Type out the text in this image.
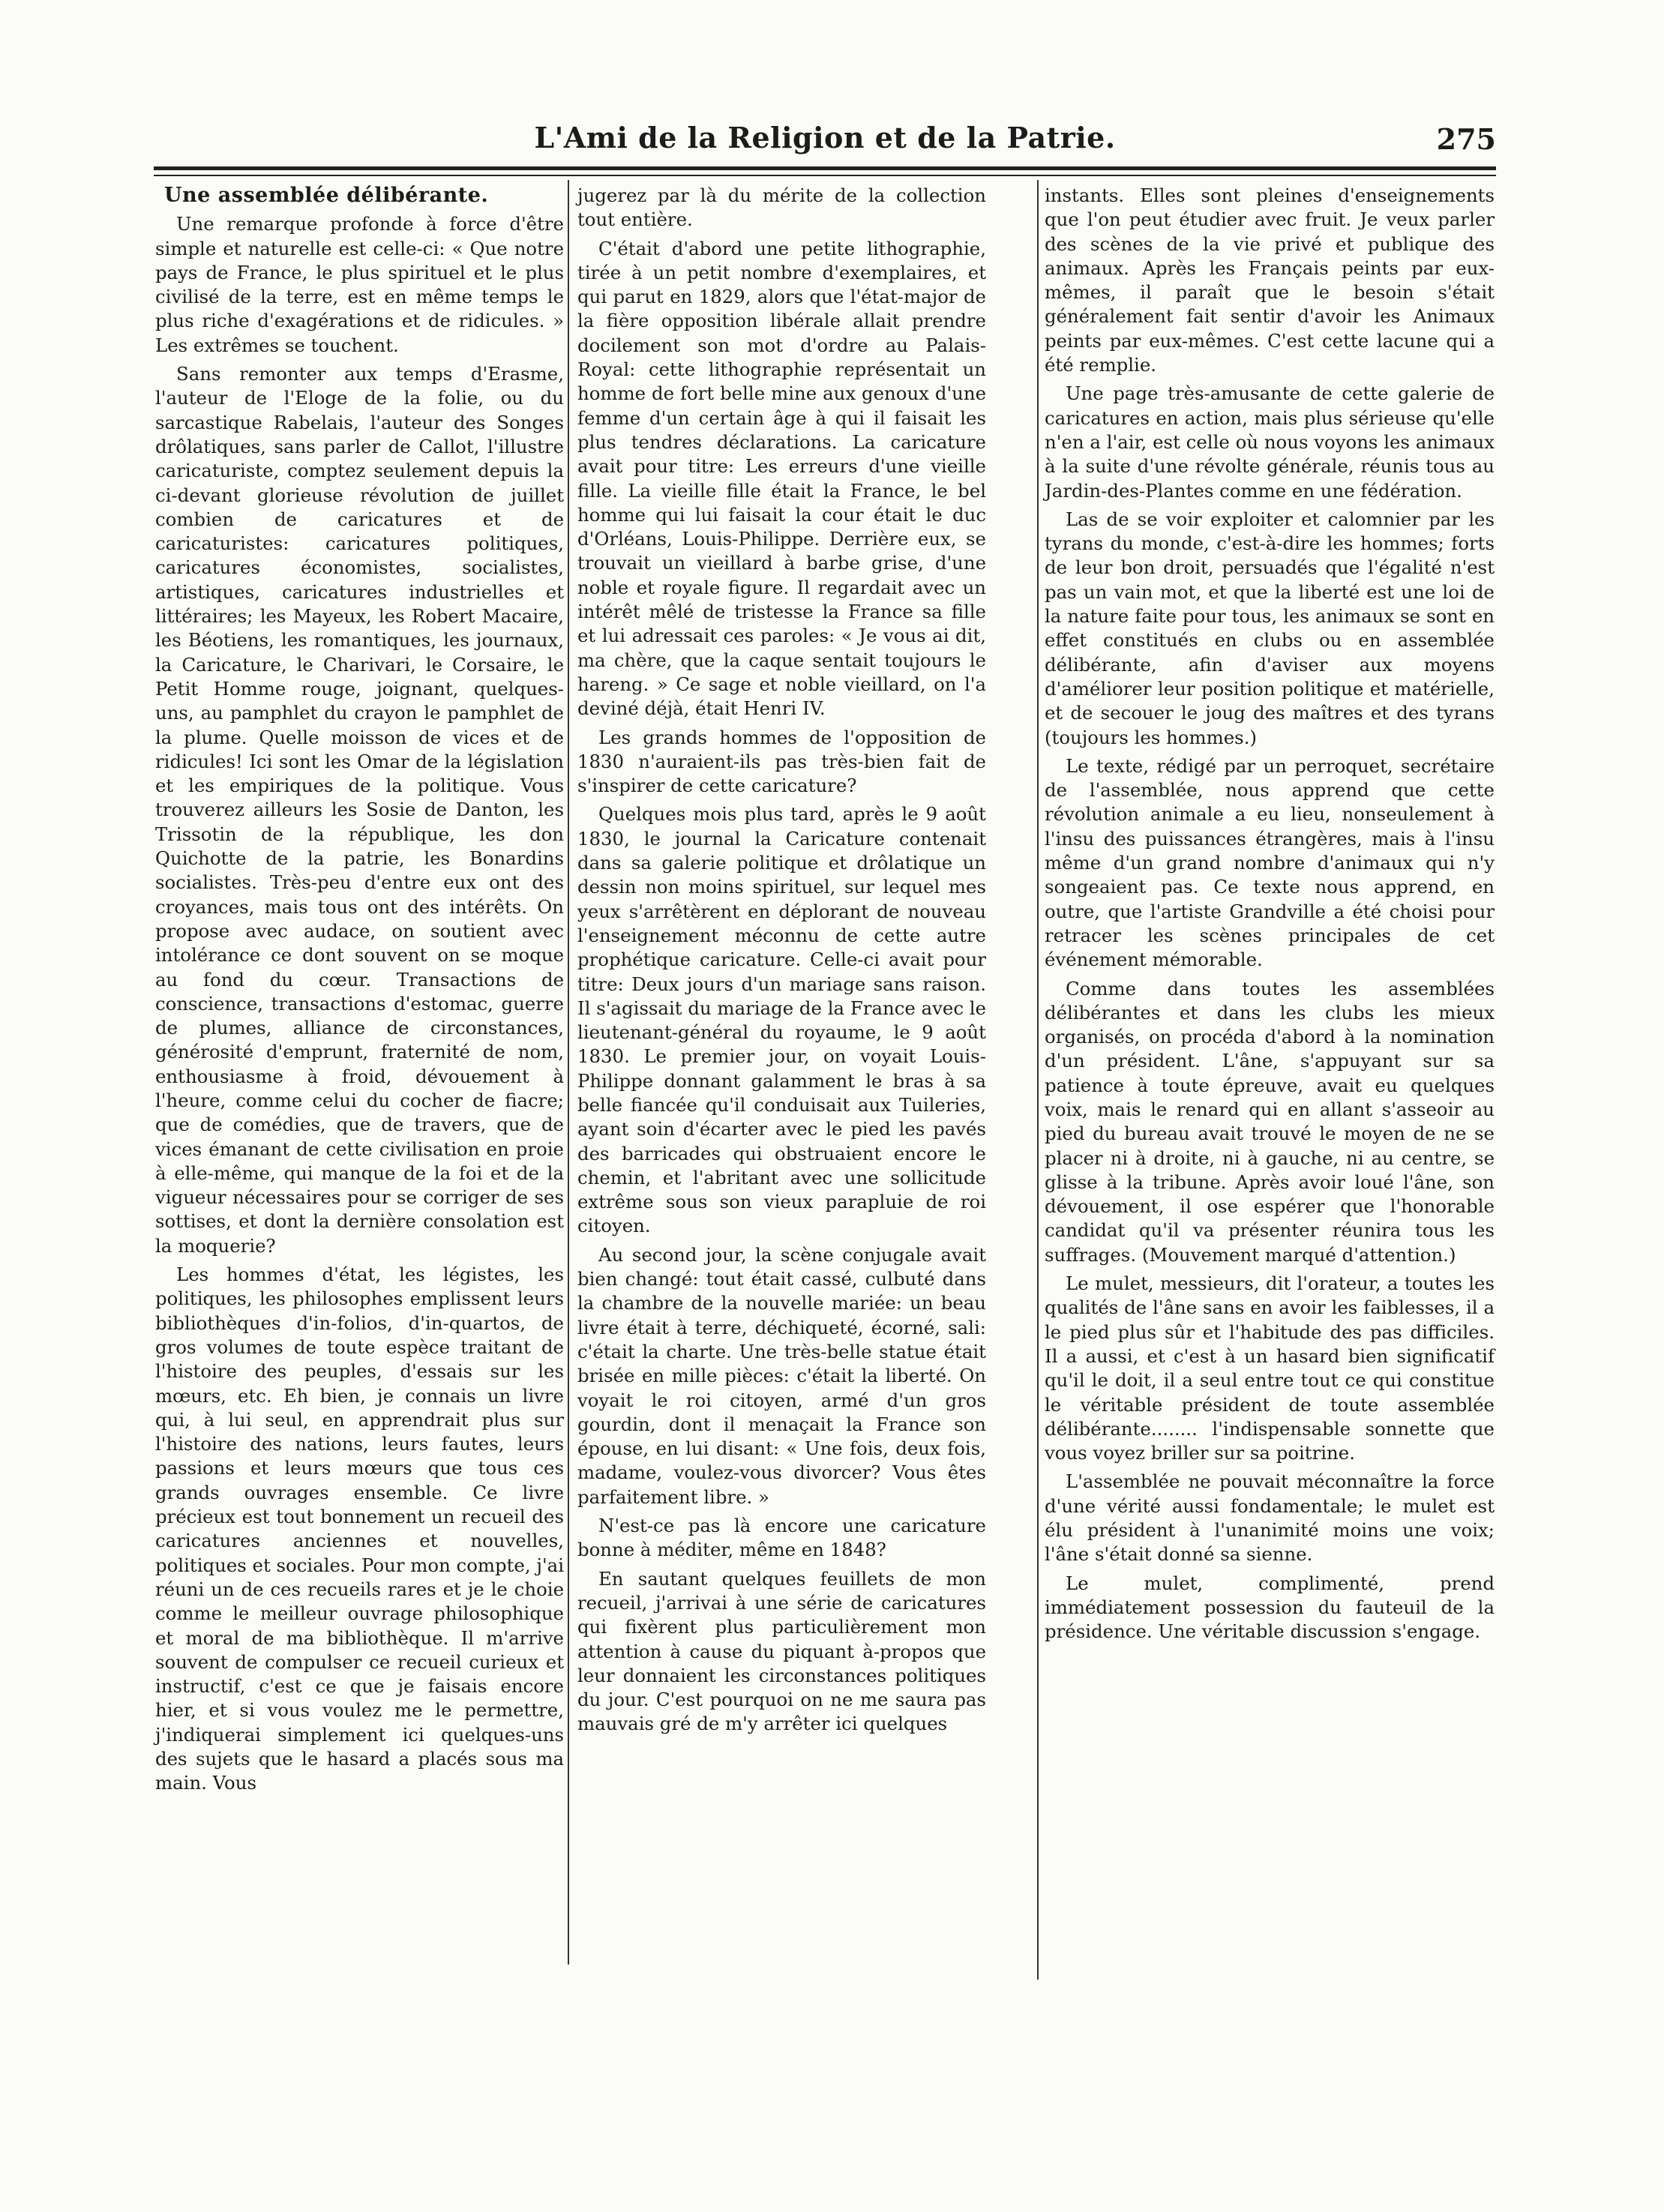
L'Ami de la Religion et de la Patrie.	275
Une assemblée délibérante.

Une remarque profonde à force d'être simple et naturelle est celle-ci: « Que notre pays de France, le plus spirituel et le plus civilisé de la terre, est en même temps le plus riche d'exagérations et de ridicules. » Les extrêmes se touchent.

Sans remonter aux temps d'Erasme, l'auteur de l'Eloge de la folie, ou du sarcastique Rabelais, l'auteur des Songes drôlatiques, sans parler de Callot, l'illustre caricaturiste, comptez seulement depuis la ci-devant glorieuse révolution de juillet combien de caricatures et de caricaturistes: caricatures politiques, caricatures économistes, socialistes, artistiques, caricatures industrielles et littéraires; les Mayeux, les Robert Macaire, les Béotiens, les romantiques, les journaux, la Caricature, le Charivari, le Corsaire, le Petit Homme rouge, joignant, quelques-uns, au pamphlet du crayon le pamphlet de la plume. Quelle moisson de vices et de ridicules! Ici sont les Omar de la législation et les empiriques de la politique. Vous trouverez ailleurs les Sosie de Danton, les Trissotin de la république, les don Quichotte de la patrie, les Bonardins socialistes. Très-peu d'entre eux ont des croyances, mais tous ont des intérêts. On propose avec audace, on soutient avec intolérance ce dont souvent on se moque au fond du cœur. Transactions de conscience, transactions d'estomac, guerre de plumes, alliance de circonstances, générosité d'emprunt, fraternité de nom, enthousiasme à froid, dévouement à l'heure, comme celui du cocher de fiacre; que de comédies, que de travers, que de vices émanant de cette civilisation en proie à elle-même, qui manque de la foi et de la vigueur nécessaires pour se corriger de ses sottises, et dont la dernière consolation est la moquerie?

Les hommes d'état, les légistes, les politiques, les philosophes emplissent leurs bibliothèques d'in-folios, d'in-quartos, de gros volumes de toute espèce traitant de l'histoire des peuples, d'essais sur les mœurs, etc. Eh bien, je connais un livre qui, à lui seul, en apprendrait plus sur l'histoire des nations, leurs fautes, leurs passions et leurs mœurs que tous ces grands ouvrages ensemble. Ce livre précieux est tout bonnement un recueil des caricatures anciennes et nouvelles, politiques et sociales. Pour mon compte, j'ai réuni un de ces recueils rares et je le choie comme le meilleur ouvrage philosophique et moral de ma bibliothèque. Il m'arrive souvent de compulser ce recueil curieux et instructif, c'est ce que je faisais encore hier, et si vous voulez me le permettre, j'indiquerai simplement ici quelques-uns des sujets que le hasard a placés sous ma main. Vous

jugerez par là du mérite de la collection tout entière.

C'était d'abord une petite lithographie, tirée à un petit nombre d'exemplaires, et qui parut en 1829, alors que l'état-major de la fière opposition libérale allait prendre docilement son mot d'ordre au Palais-Royal: cette lithographie représentait un homme de fort belle mine aux genoux d'une femme d'un certain âge à qui il faisait les plus tendres déclarations. La caricature avait pour titre: Les erreurs d'une vieille fille. La vieille fille était la France, le bel homme qui lui faisait la cour était le duc d'Orléans, Louis-Philippe. Derrière eux, se trouvait un vieillard à barbe grise, d'une noble et royale figure. Il regardait avec un intérêt mêlé de tristesse la France sa fille et lui adressait ces paroles: « Je vous ai dit, ma chère, que la caque sentait toujours le hareng. » Ce sage et noble vieillard, on l'a deviné déjà, était Henri IV.

Les grands hommes de l'opposition de 1830 n'auraient-ils pas très-bien fait de s'inspirer de cette caricature?

Quelques mois plus tard, après le 9 août 1830, le journal la Caricature contenait dans sa galerie politique et drôlatique un dessin non moins spirituel, sur lequel mes yeux s'arrêtèrent en déplorant de nouveau l'enseignement méconnu de cette autre prophétique caricature. Celle-ci avait pour titre: Deux jours d'un mariage sans raison. Il s'agissait du mariage de la France avec le lieutenant-général du royaume, le 9 août 1830. Le premier jour, on voyait Louis-Philippe donnant galamment le bras à sa belle fiancée qu'il conduisait aux Tuileries, ayant soin d'écarter avec le pied les pavés des barricades qui obstruaient encore le chemin, et l'abritant avec une sollicitude extrême sous son vieux parapluie de roi citoyen.

Au second jour, la scène conjugale avait bien changé: tout était cassé, culbuté dans la chambre de la nouvelle mariée: un beau livre était à terre, déchiqueté, écorné, sali: c'était la charte. Une très-belle statue était brisée en mille pièces: c'était la liberté. On voyait le roi citoyen, armé d'un gros gourdin, dont il menaçait la France son épouse, en lui disant: « Une fois, deux fois, madame, voulez-vous divorcer? Vous êtes parfaitement libre. »

N'est-ce pas là encore une caricature bonne à méditer, même en 1848?

En sautant quelques feuillets de mon recueil, j'arrivai à une série de caricatures qui fixèrent plus particulièrement mon attention à cause du piquant à-propos que leur donnaient les circonstances politiques du jour. C'est pourquoi on ne me saura pas mauvais gré de m'y arrêter ici quelques

instants. Elles sont pleines d'enseignements que l'on peut étudier avec fruit. Je veux parler des scènes de la vie privé et publique des animaux. Après les Français peints par eux-mêmes, il paraît que le besoin s'était généralement fait sentir d'avoir les Animaux peints par eux-mêmes. C'est cette lacune qui a été remplie.

Une page très-amusante de cette galerie de caricatures en action, mais plus sérieuse qu'elle n'en a l'air, est celle où nous voyons les animaux à la suite d'une révolte générale, réunis tous au Jardin-des-Plantes comme en une fédération.

Las de se voir exploiter et calomnier par les tyrans du monde, c'est-à-dire les hommes; forts de leur bon droit, persuadés que l'égalité n'est pas un vain mot, et que la liberté est une loi de la nature faite pour tous, les animaux se sont en effet constitués en clubs ou en assemblée délibérante, afin d'aviser aux moyens d'améliorer leur position politique et matérielle, et de secouer le joug des maîtres et des tyrans (toujours les hommes.)

Le texte, rédigé par un perroquet, secrétaire de l'assemblée, nous apprend que cette révolution animale a eu lieu, nonseulement à l'insu des puissances étrangères, mais à l'insu même d'un grand nombre d'animaux qui n'y songeaient pas. Ce texte nous apprend, en outre, que l'artiste Grandville a été choisi pour retracer les scènes principales de cet événement mémorable.

Comme dans toutes les assemblées délibérantes et dans les clubs les mieux organisés, on procéda d'abord à la nomination d'un président. L'âne, s'appuyant sur sa patience à toute épreuve, avait eu quelques voix, mais le renard qui en allant s'asseoir au pied du bureau avait trouvé le moyen de ne se placer ni à droite, ni à gauche, ni au centre, se glisse à la tribune. Après avoir loué l'âne, son dévouement, il ose espérer que l'honorable candidat qu'il va présenter réunira tous les suffrages. (Mouvement marqué d'attention.)

Le mulet, messieurs, dit l'orateur, a toutes les qualités de l'âne sans en avoir les faiblesses, il a le pied plus sûr et l'habitude des pas difficiles. Il a aussi, et c'est à un hasard bien significatif qu'il le doit, il a seul entre tout ce qui constitue le véritable président de toute assemblée délibérante........ l'indispensable sonnette que vous voyez briller sur sa poitrine.

L'assemblée ne pouvait méconnaître la force d'une vérité aussi fondamentale; le mulet est élu président à l'unanimité moins une voix; l'âne s'était donné sa sienne.

Le mulet, complimenté, prend immédiatement possession du fauteuil de la présidence. Une véritable discussion s'engage.
